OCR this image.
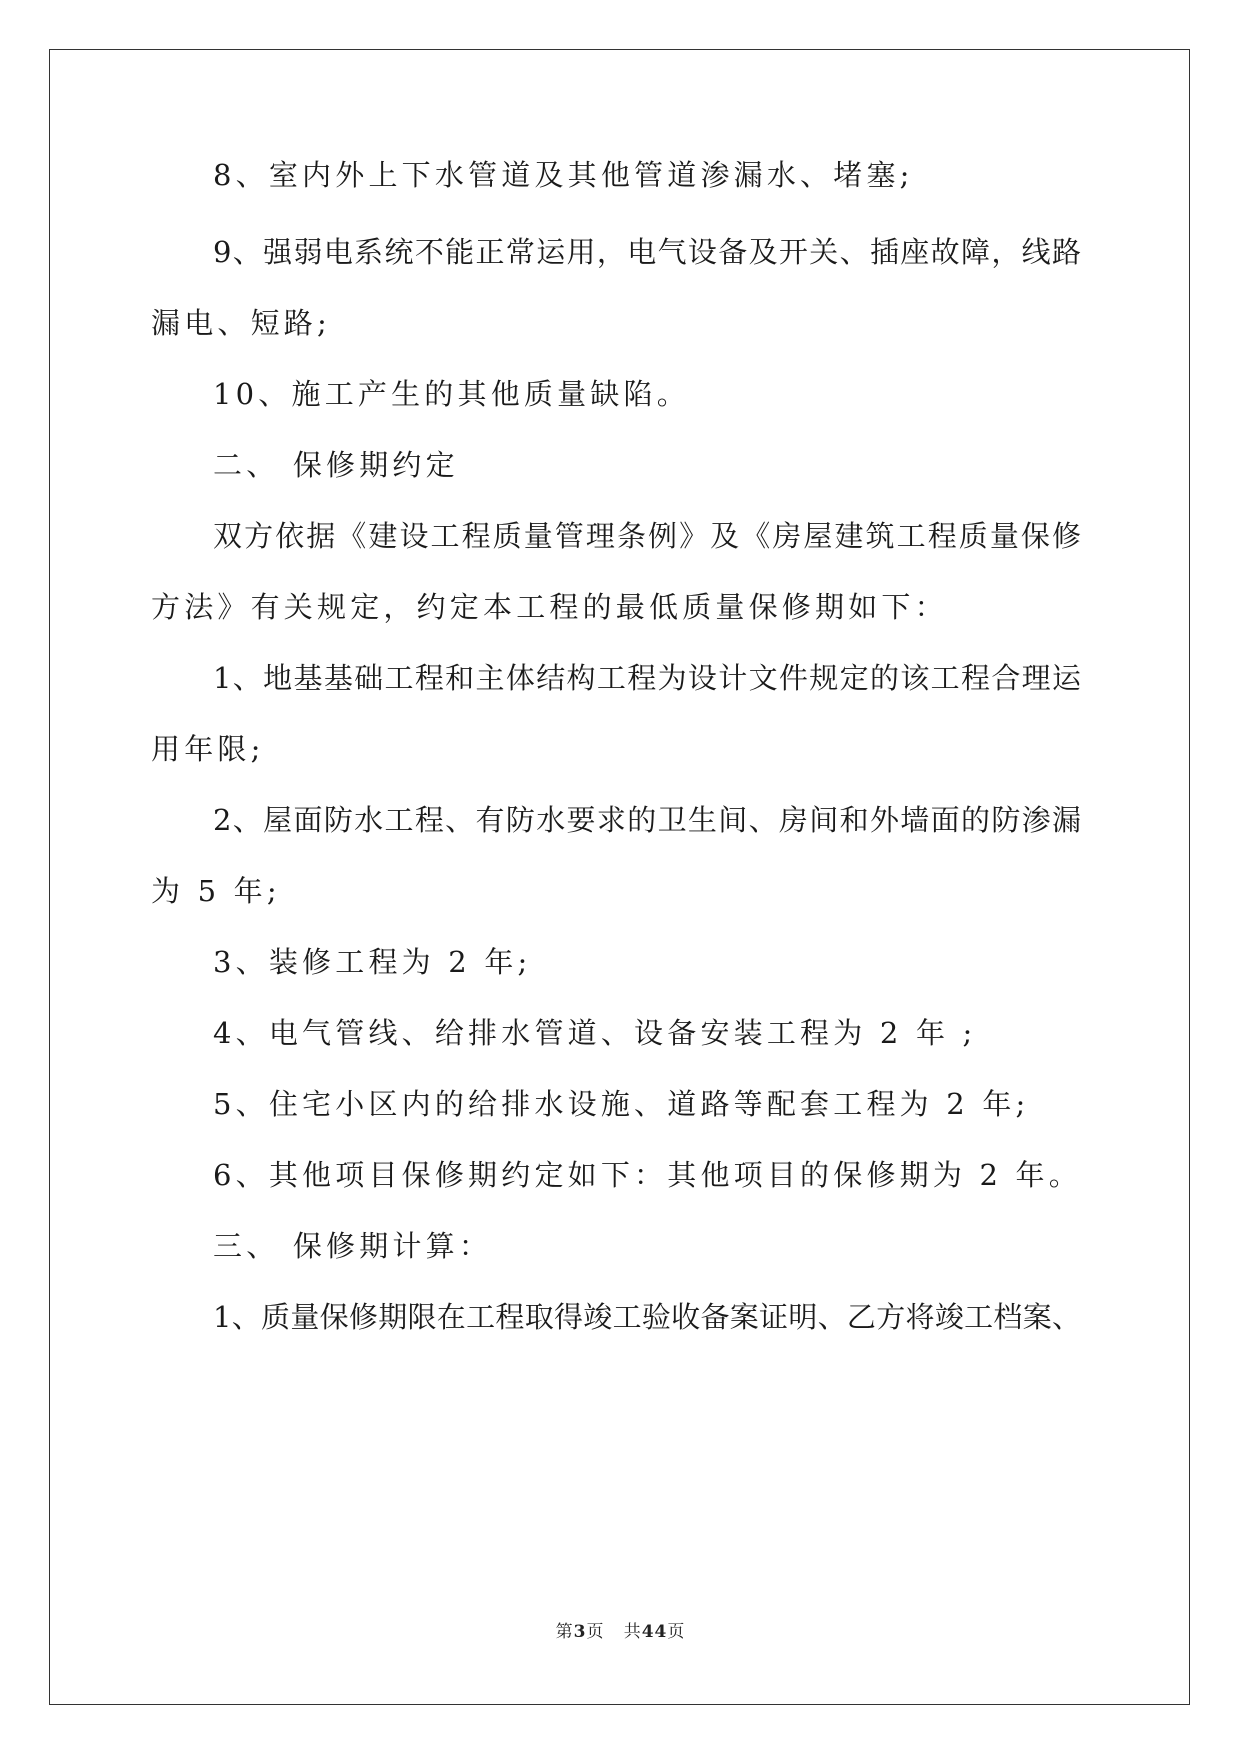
8、室内外上下水管道及其他管道渗漏水、堵塞;
9、强弱电系统不能正常运用，电气设备及开关、插座故障，线路
漏电、短路;
10、施工产生的其他质量缺陷。
二、 保修期约定
双方依据《建设工程质量管理条例》及《房屋建筑工程质量保修
方法》有关规定，约定本工程的最低质量保修期如下：
1、地基基础工程和主体结构工程为设计文件规定的该工程合理运
用年限;
2、屋面防水工程、有防水要求的卫生间、房间和外墙面的防渗漏
为 5 年;
3、装修工程为 2 年;
4、电气管线、给排水管道、设备安装工程为 2 年 ;
5、住宅小区内的给排水设施、道路等配套工程为 2 年;
6、其他项目保修期约定如下：其他项目的保修期为 2 年。
三、 保修期计算：
1、质量保修期限在工程取得竣工验收备案证明、乙方将竣工档案、
第3页 共44页
